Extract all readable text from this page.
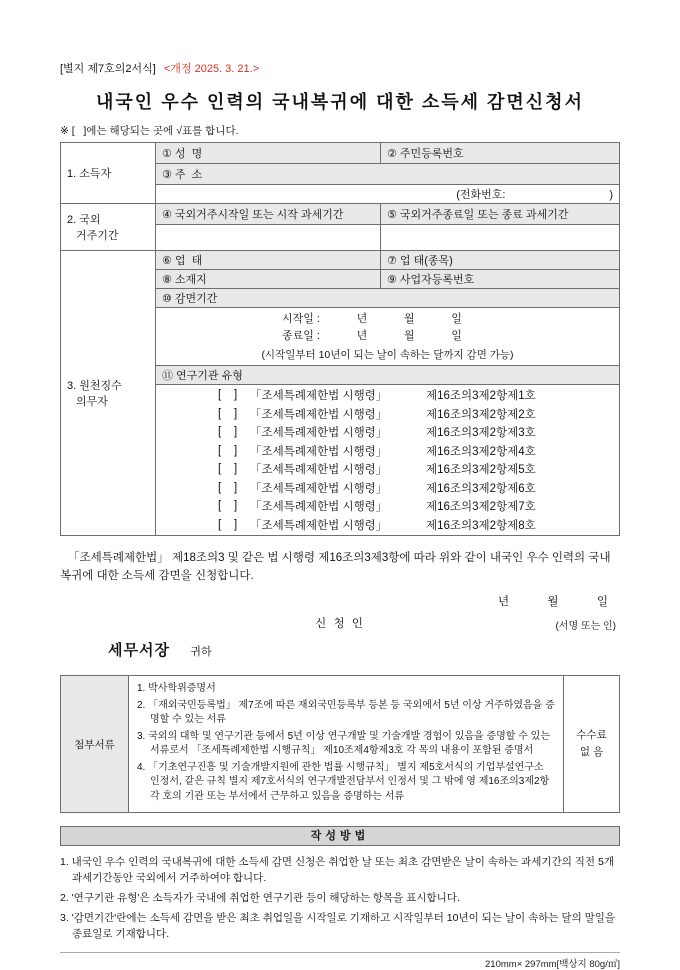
[별지 제7호의2서식] <개정 2025. 3. 21.>
내국인 우수 인력의 국내복귀에 대한 소득세 감면신청서
※ [   ]에는 해당되는 곳에 √표를 합니다.
1. 소득자	① 성  명	② 주민등록번호
	③ 주  소	
	(전화번호:                                  )	

2. 국외
거주기간	④ 국외거주시작일 또는 시작 과세기간	⑤ 국외거주종료일 또는 종료 과세기간

3. 원천징수
의무자	⑥ 업  태	⑦ 업 태(종목)
	⑧ 소재지	⑨ 사업자등록번호
	⑩ 감면기간	

	시작일 :            년            월            일
종료일 :            년            월            일
(시작일부터 10년이 되는 날이 속하는 달까지 감면 가능)	

	⑪ 연구기관 유형	

[    ]	「조세특례제한법 시행령」	제16조의3제2항제1호
[    ]	「조세특례제한법 시행령」	제16조의3제2항제2호
[    ]	「조세특례제한법 시행령」	제16조의3제2항제3호
[    ]	「조세특례제한법 시행령」	제16조의3제2항제4호
[    ]	「조세특례제한법 시행령」	제16조의3제2항제5호
[    ]	「조세특례제한법 시행령」	제16조의3제2항제6호
[    ]	「조세특례제한법 시행령」	제16조의3제2항제7호
[    ]	「조세특례제한법 시행령」	제16조의3제2항제8호
「조세특례제한법」 제18조의3 및 같은 법 시행령 제16조의3제3항에 따라 위와 같이 내국인 우수 인력의 국내복귀에 대한 소득세 감면을 신청합니다.
년            월            일
신 청 인	(서명 또는 인)
세무서장 귀하
첨부서류	
1. 박사학위증명서
2. 「재외국민등록법」 제7조에 따른 재외국민등록부 등본 등 국외에서 5년 이상 거주하였음을 증명할 수 있는 서류
3. 국외의 대학 및 연구기관 등에서 5년 이상 연구개발 및 기술개발 경험이 있음을 증명할 수 있는 서류로서 「조세특례제한법 시행규칙」 제10조제4항제3호 각 목의 내용이 포함된 증명서
4. 「기초연구진흥 및 기술개발지원에 관한 법률 시행규칙」 별지 제5호서식의 기업부설연구소 인정서, 같은 규칙 별지 제7호서식의 연구개발전담부서 인정서 및 그 밖에 영 제16조의3제2항 각 호의 기관 또는 부서에서 근무하고 있음을 증명하는 서류

수수료
없 음
작성방법
1. 내국인 우수 인력의 국내복귀에 대한 소득세 감면 신청은 취업한 날 또는 최초 감면받은 날이 속하는 과세기간의 직전 5개 과세기간동안 국외에서 거주하여야 합니다.
2. '연구기관 유형'은 소득자가 국내에 취업한 연구기관 등이 해당하는 항목을 표시합니다.
3. '감면기간'란에는 소득세 감면을 받은 최초 취업일을 시작일로 기재하고 시작일부터 10년이 되는 날이 속하는 달의 말일을 종료일로 기재합니다.
210mm× 297mm[백상지 80g/㎡]
